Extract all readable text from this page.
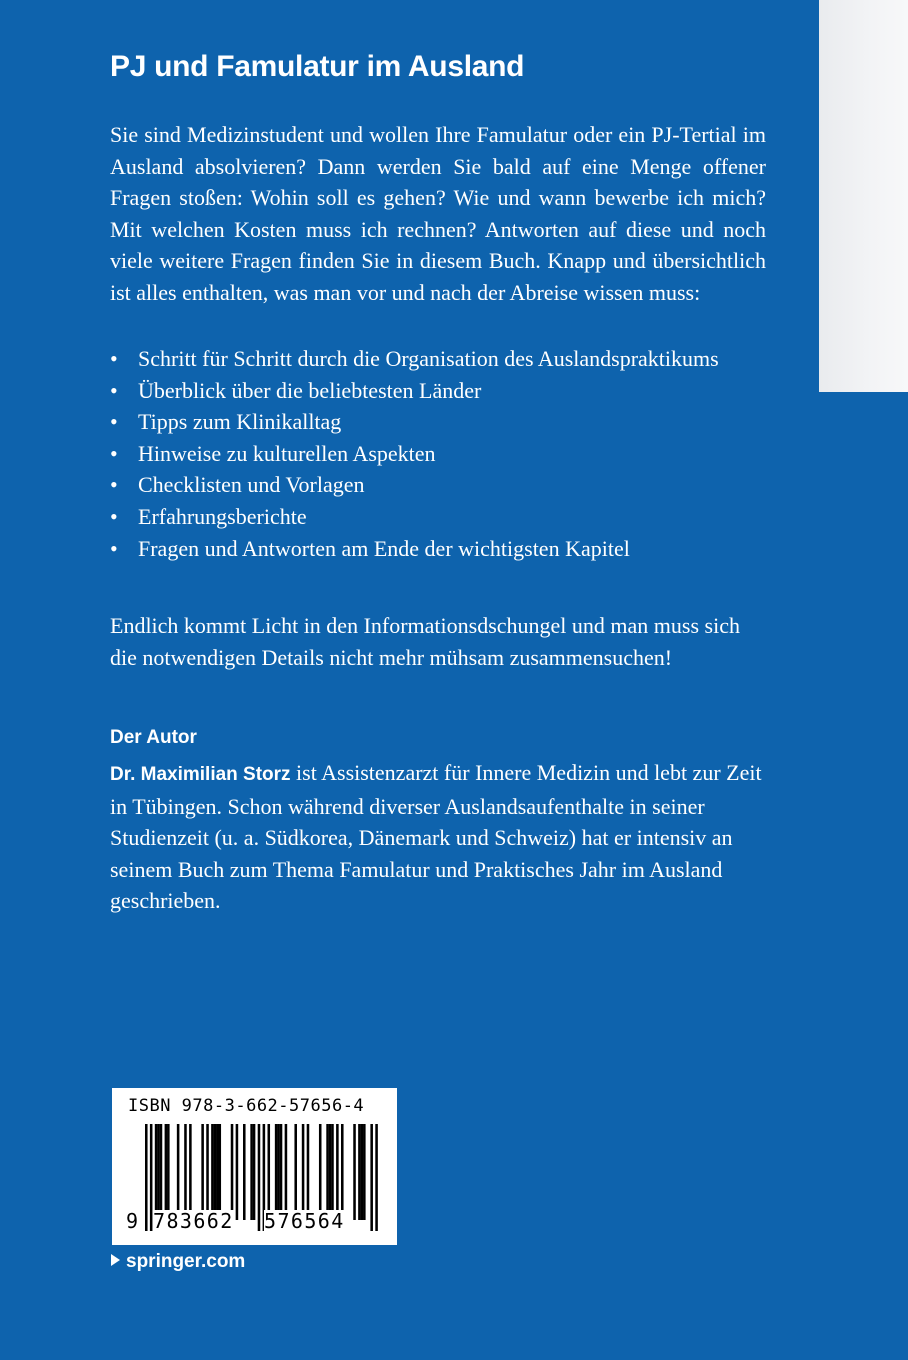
PJ und Famulatur im Ausland

Sie sind Medizinstudent und wollen Ihre Famulatur oder ein PJ-Tertial im Ausland absolvieren? Dann werden Sie bald auf eine Menge offener Fragen stoßen: Wohin soll es gehen? Wie und wann bewerbe ich mich? Mit welchen Kosten muss ich rechnen? Antworten auf diese und noch viele weitere Fragen finden Sie in diesem Buch. Knapp und übersichtlich ist alles enthalten, was man vor und nach der Abreise wissen muss:

• Schritt für Schritt durch die Organisation des Auslandspraktikums
• Überblick über die beliebtesten Länder
• Tipps zum Klinikalltag
• Hinweise zu kulturellen Aspekten
• Checklisten und Vorlagen
• Erfahrungsberichte
• Fragen und Antworten am Ende der wichtigsten Kapitel

Endlich kommt Licht in den Informationsdschungel und man muss sich die notwendigen Details nicht mehr mühsam zusammensuchen!

Der Autor

Dr. Maximilian Storz ist Assistenzarzt für Innere Medizin und lebt zur Zeit in Tübingen. Schon während diverser Auslandsaufenthalte in seiner Studienzeit (u. a. Südkorea, Dänemark und Schweiz) hat er intensiv an seinem Buch zum Thema Famulatur und Praktisches Jahr im Ausland geschrieben.

ISBN 978-3-662-57656-4
9 783662 576564
springer.com
